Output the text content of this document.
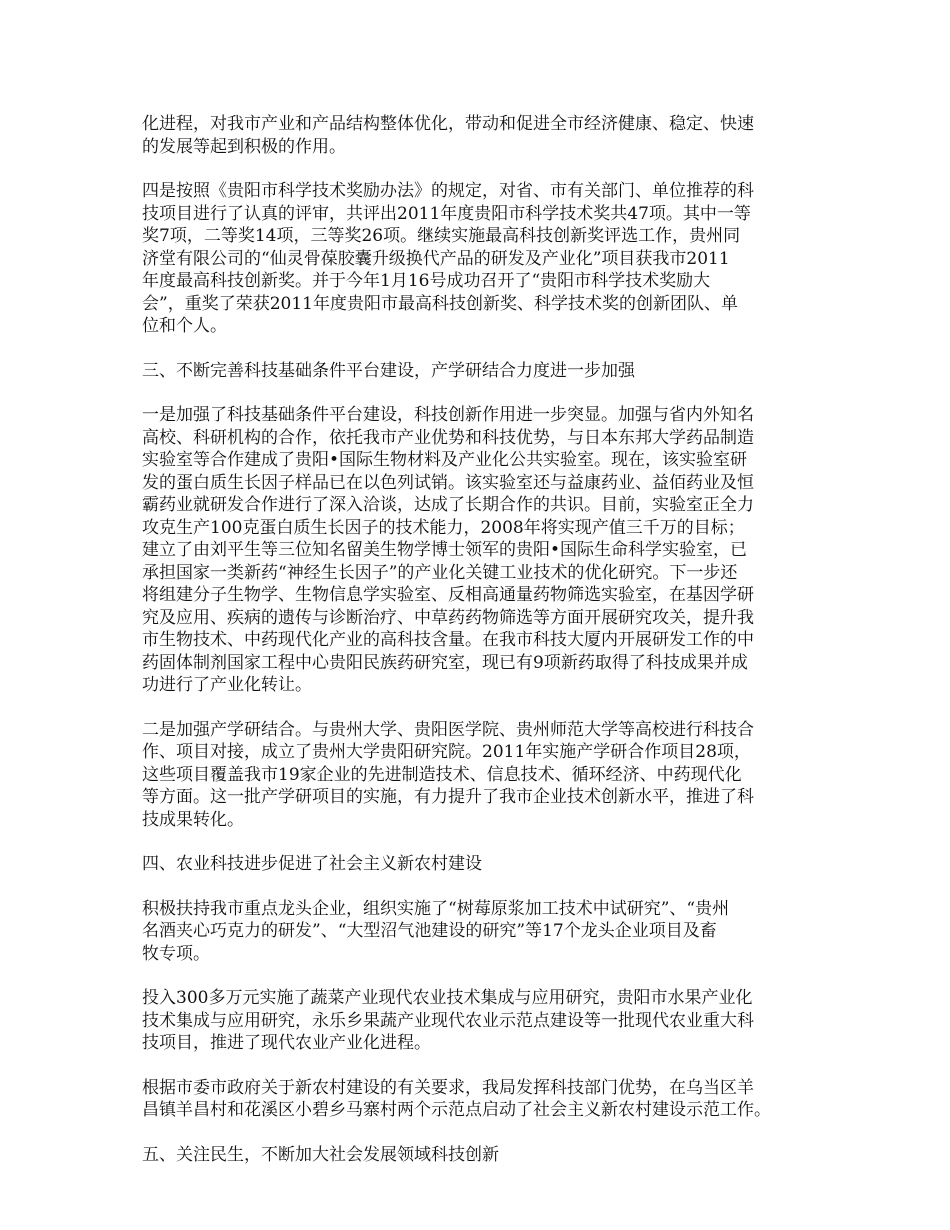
化进程，对我市产业和产品结构整体优化，带动和促进全市经济健康、稳定、快速
的发展等起到积极的作用。
四是按照《贵阳市科学技术奖励办法》的规定，对省、市有关部门、单位推荐的科
技项目进行了认真的评审，共评出2011年度贵阳市科学技术奖共47项。其中一等
奖7项，二等奖14项，三等奖26项。继续实施最高科技创新奖评选工作，贵州同
济堂有限公司的“仙灵骨葆胶囊升级换代产品的研发及产业化”项目获我市2011
年度最高科技创新奖。并于今年1月16号成功召开了“贵阳市科学技术奖励大
会”，重奖了荣获2011年度贵阳市最高科技创新奖、科学技术奖的创新团队、单
位和个人。
三、不断完善科技基础条件平台建设，产学研结合力度进一步加强
一是加强了科技基础条件平台建设，科技创新作用进一步突显。加强与省内外知名
高校、科研机构的合作，依托我市产业优势和科技优势，与日本东邦大学药品制造
实验室等合作建成了贵阳•国际生物材料及产业化公共实验室。现在，该实验室研
发的蛋白质生长因子样品已在以色列试销。该实验室还与益康药业、益佰药业及恒
霸药业就研发合作进行了深入洽谈，达成了长期合作的共识。目前，实验室正全力
攻克生产100克蛋白质生长因子的技术能力，2008年将实现产值三千万的目标；
建立了由刘平生等三位知名留美生物学博士领军的贵阳•国际生命科学实验室，已
承担国家一类新药“神经生长因子”的产业化关键工业技术的优化研究。下一步还
将组建分子生物学、生物信息学实验室、反相高通量药物筛选实验室，在基因学研
究及应用、疾病的遗传与诊断治疗、中草药药物筛选等方面开展研究攻关，提升我
市生物技术、中药现代化产业的高科技含量。在我市科技大厦内开展研发工作的中
药固体制剂国家工程中心贵阳民族药研究室，现已有9项新药取得了科技成果并成
功进行了产业化转让。
二是加强产学研结合。与贵州大学、贵阳医学院、贵州师范大学等高校进行科技合
作、项目对接，成立了贵州大学贵阳研究院。2011年实施产学研合作项目28项，
这些项目覆盖我市19家企业的先进制造技术、信息技术、循环经济、中药现代化
等方面。这一批产学研项目的实施，有力提升了我市企业技术创新水平，推进了科
技成果转化。
四、农业科技进步促进了社会主义新农村建设
积极扶持我市重点龙头企业，组织实施了“树莓原浆加工技术中试研究”、“贵州
名酒夹心巧克力的研发”、“大型沼气池建设的研究”等17个龙头企业项目及畜
牧专项。
投入300多万元实施了蔬菜产业现代农业技术集成与应用研究，贵阳市水果产业化
技术集成与应用研究，永乐乡果蔬产业现代农业示范点建设等一批现代农业重大科
技项目，推进了现代农业产业化进程。
根据市委市政府关于新农村建设的有关要求，我局发挥科技部门优势，在乌当区羊
昌镇羊昌村和花溪区小碧乡马寨村两个示范点启动了社会主义新农村建设示范工作。
五、关注民生，不断加大社会发展领域科技创新
